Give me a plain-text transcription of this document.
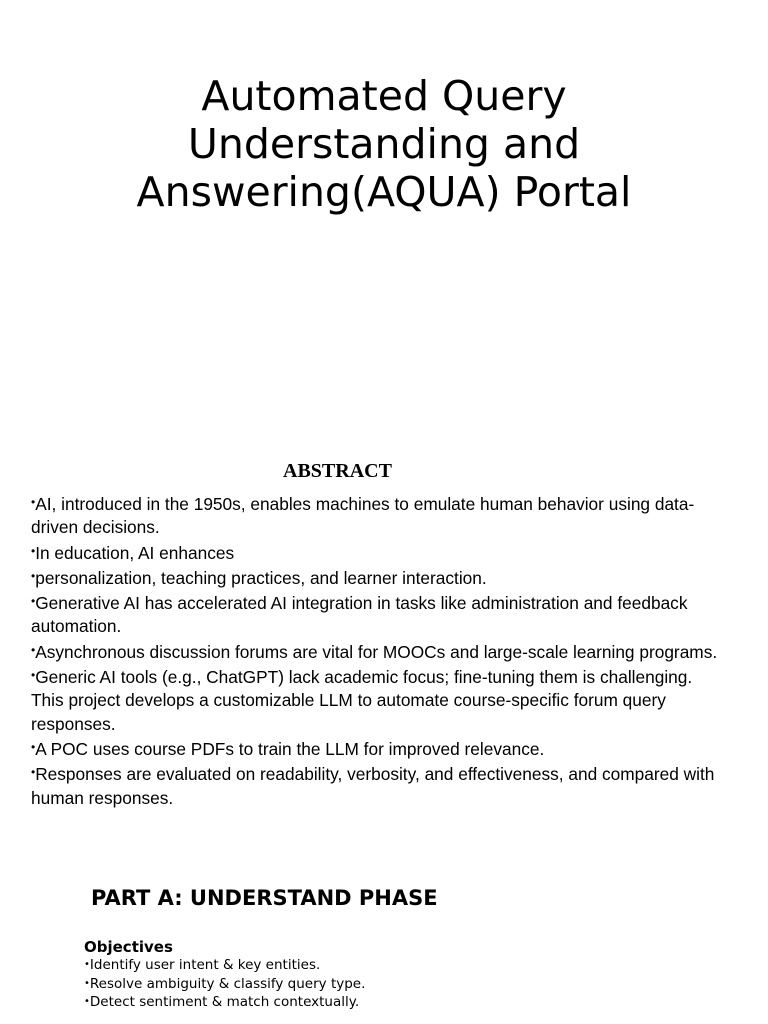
Automated Query
Understanding and
Answering(AQUA) Portal
ABSTRACT

•AI, introduced in the 1950s, enables machines to emulate human behavior using data-driven decisions.

•In education, AI enhances

•personalization, teaching practices, and learner interaction.

•Generative AI has accelerated AI integration in tasks like administration and feedback automation.

•Asynchronous discussion forums are vital for MOOCs and large-scale learning programs.

•Generic AI tools (e.g., ChatGPT) lack academic focus; fine-tuning them is challenging.

This project develops a customizable LLM to automate course-specific forum query responses.

•A POC uses course PDFs to train the LLM for improved relevance.

•Responses are evaluated on readability, verbosity, and effectiveness, and compared with human responses.

PART A: UNDERSTAND PHASE
Objectives
•Identify user intent & key entities.
•Resolve ambiguity & classify query type.
•Detect sentiment & match contextually.
